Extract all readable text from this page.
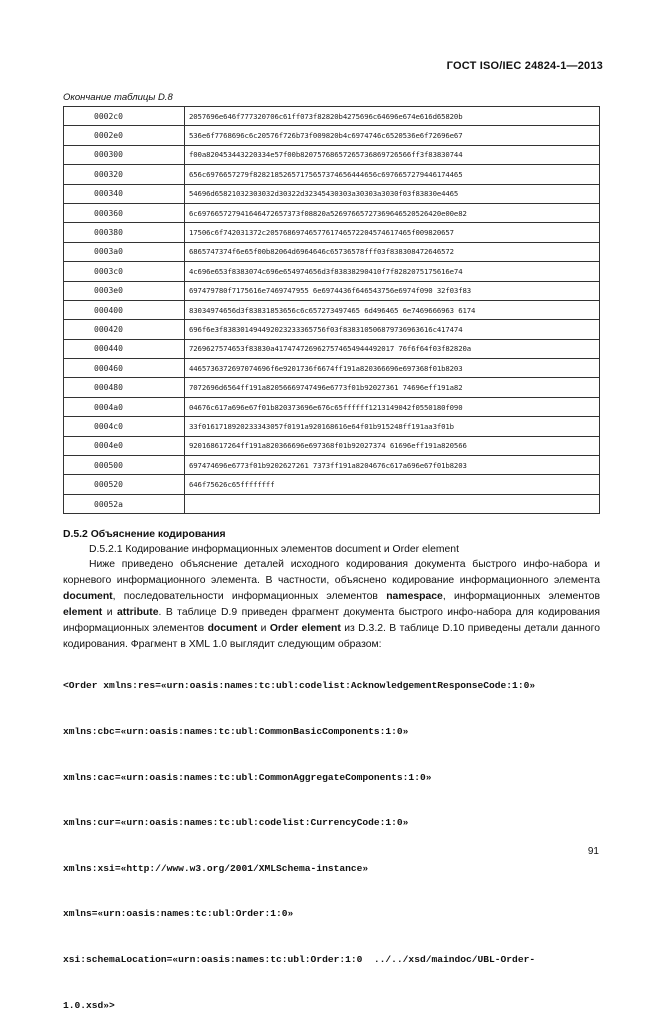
ГОСТ ISO/IEC 24824-1—2013
Окончание таблицы D.8
0002c0	2057696e646f777320706c61ff073f82820b4275696c64696e674e616d65820b
0002e0	536e6f7768696c6c20576f726b73f009820b4c6974746c6520536e6f72696e67
000300	f00a820453443220334e57f00b82075768657265736869726566ff3f83830744
000320	656c6976657279f82821852657175657374656444656c6976657279446174465
000340	54696d65821032303032d30322d32345430303a30303a3030f03f83830e4465
000360	6c697665727941646472657373f08820a52697665727369646520526420e00e82
000380	17506c6f742031372c2057686974657761746572204574617465f009820657
0003a0	6865747374f6e65f00b82064d6964646c65736578fff03f838308472646572
0003c0	4c696e653f8383074c696e654974656d3f83838290410f7f8282075175616e74
0003e0	697479780f7175616e7469747955 6e6974436f646543756e6974f090 32f03f83
000400	83034974656d3f83831853656c6c657273497465 6d496465 6e7469666963 6174
000420	696f6e3f838301494492023233365756f03f838310506879736963616c417474
000440	7269627574653f83830a4174747269627574654944492017 76f6f64f03f82820a
000460	4465736372697074696f6e9201736f6674ff191a820366696e697368f01b8203
000480	7072696d6564ff191a82056669747496e6773f01b92027361 74696eff191a82
0004a0	04676c617a696e67f01b820373696e676c65ffffff1213149042f0550180f090
0004c0	33f0161718920233343057f0191a920168616e64f01b915248ff191aa3f01b
0004e0	920168617264ff191a820366696e697368f01b92027374 61696eff191a820566
000500	697474696e6773f01b9202627261 7373ff191a8204676c617a696e67f01b8203
000520	646f75626c65ffffffff
00052a	
D.5.2 Объяснение кодирования
D.5.2.1 Кодирование информационных элементов document и Order element
Ниже приведено объяснение деталей исходного кодирования документа быстрого инфо-набора и корневого информационного элемента. В частности, объяснено кодирование информационного элемента document, последовательности информационных элементов namespace, информационных элементов element и attribute. В таблице D.9 приведен фрагмент документа быстрого инфо-набора для кодирования информационных элементов document и Order element из D.3.2. В таблице D.10 приведены детали данного кодирования. Фрагмент в XML 1.0 выглядит следующим образом:

<Order xmlns:res=«urn:oasis:names:tc:ubl:codelist:AcknowledgementResponseCode:1:0»

xmlns:cbc=«urn:oasis:names:tc:ubl:CommonBasicComponents:1:0»

xmlns:cac=«urn:oasis:names:tc:ubl:CommonAggregateComponents:1:0»

xmlns:cur=«urn:oasis:names:tc:ubl:codelist:CurrencyCode:1:0»

xmlns:xsi=«http://www.w3.org/2001/XMLSchema-instance»

xmlns=«urn:oasis:names:tc:ubl:Order:1:0»

xsi:schemaLocation=«urn:oasis:names:tc:ubl:Order:1:0  ../../xsd/maindoc/UBL-Order-

1.0.xsd»>

91
